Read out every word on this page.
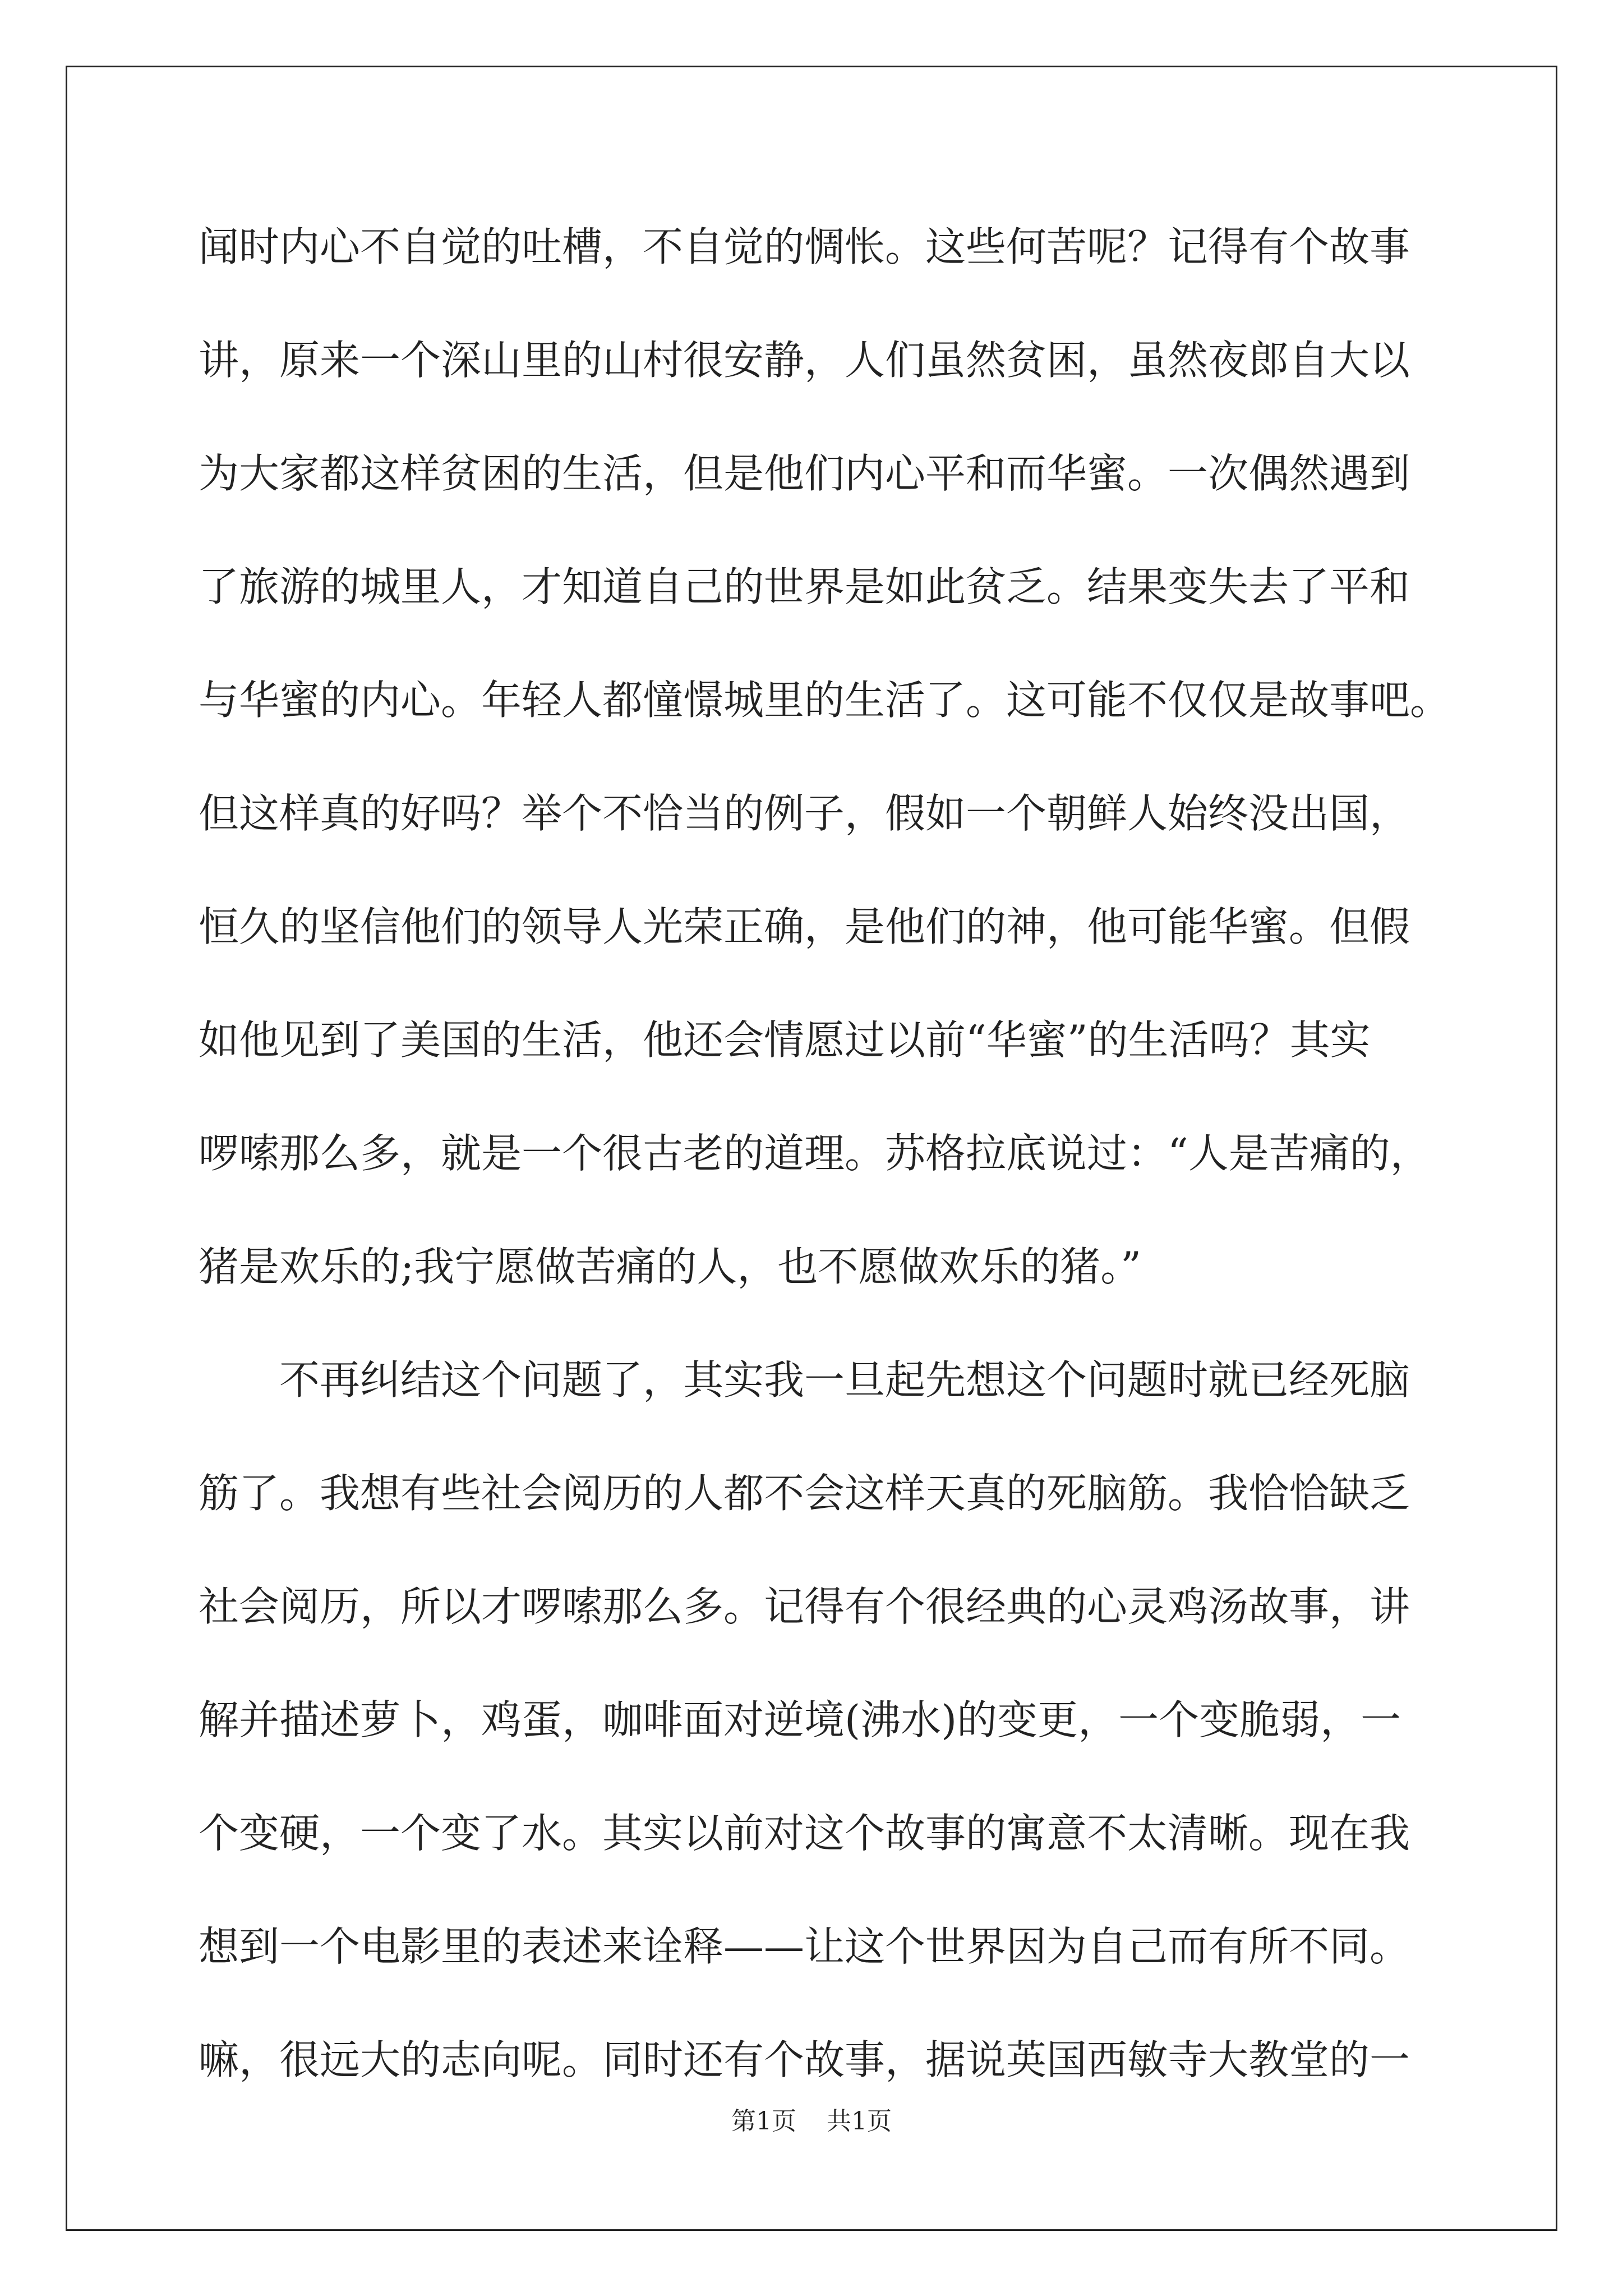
闻时内心不自觉的吐槽，不自觉的惆怅。这些何苦呢？记得有个故事
讲，原来一个深山里的山村很安静，人们虽然贫困，虽然夜郎自大以
为大家都这样贫困的生活，但是他们内心平和而华蜜。一次偶然遇到
了旅游的城里人，才知道自己的世界是如此贫乏。结果变失去了平和
与华蜜的内心。年轻人都憧憬城里的生活了。这可能不仅仅是故事吧。
但这样真的好吗？举个不恰当的例子，假如一个朝鲜人始终没出国，
恒久的坚信他们的领导人光荣正确，是他们的神，他可能华蜜。但假
如他见到了美国的生活，他还会情愿过以前“华蜜”的生活吗？其实
啰嗦那么多，就是一个很古老的道理。苏格拉底说过：“人是苦痛的，
猪是欢乐的;我宁愿做苦痛的人，也不愿做欢乐的猪。”
　　不再纠结这个问题了，其实我一旦起先想这个问题时就已经死脑
筋了。我想有些社会阅历的人都不会这样天真的死脑筋。我恰恰缺乏
社会阅历，所以才啰嗦那么多。记得有个很经典的心灵鸡汤故事，讲
解并描述萝卜，鸡蛋，咖啡面对逆境(沸水)的变更，一个变脆弱，一
个变硬，一个变了水。其实以前对这个故事的寓意不太清晰。现在我
想到一个电影里的表述来诠释——让这个世界因为自己而有所不同。
嘛，很远大的志向呢。同时还有个故事，据说英国西敏寺大教堂的一
第1页 共1页
